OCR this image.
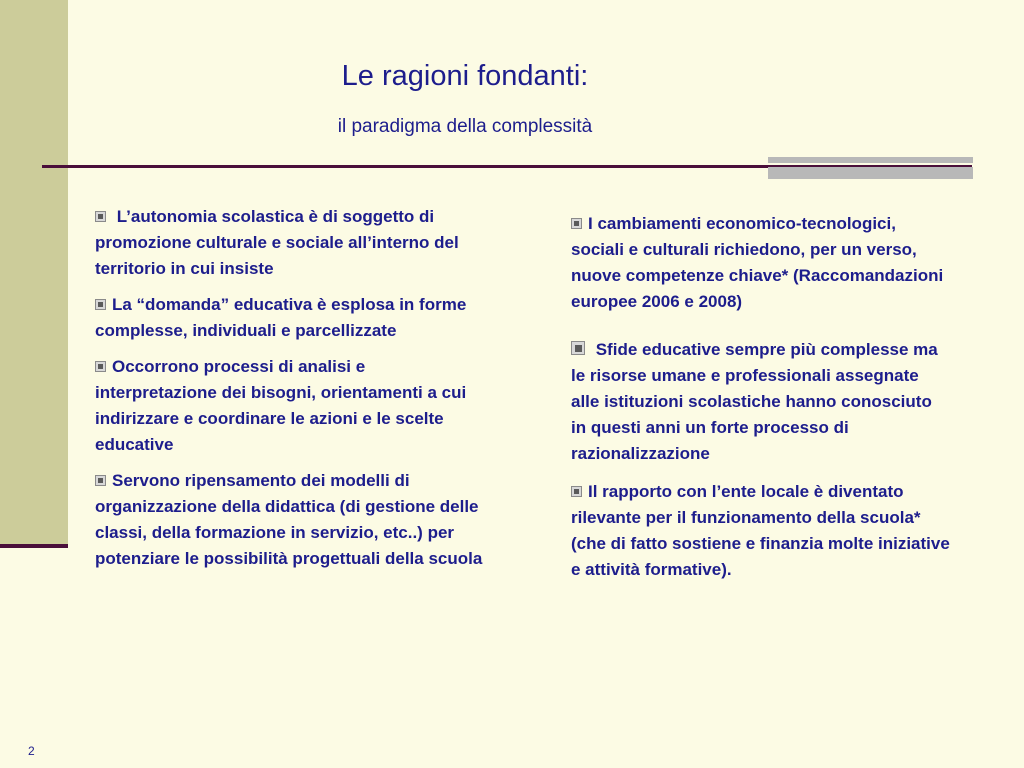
Le ragioni fondanti:
il paradigma della complessità
L’autonomia scolastica è di soggetto di promozione culturale e sociale all’interno del territorio in cui insiste
La “domanda” educativa è esplosa in forme complesse, individuali e parcellizzate
Occorrono processi di analisi e interpretazione dei bisogni, orientamenti a cui indirizzare e coordinare le azioni e le scelte educative
Servono ripensamento dei modelli di organizzazione della didattica (di gestione delle classi, della formazione in servizio, etc..) per potenziare le possibilità progettuali della scuola
I cambiamenti economico-tecnologici, sociali e culturali richiedono, per un verso, nuove competenze chiave* (Raccomandazioni europee 2006 e 2008)
Sfide educative sempre più complesse ma le risorse umane e professionali assegnate alle istituzioni scolastiche hanno conosciuto in questi anni un forte processo di razionalizzazione
Il rapporto con l’ente locale è diventato rilevante per il funzionamento della scuola* (che di fatto sostiene e finanzia molte iniziative e attività formative).
2
